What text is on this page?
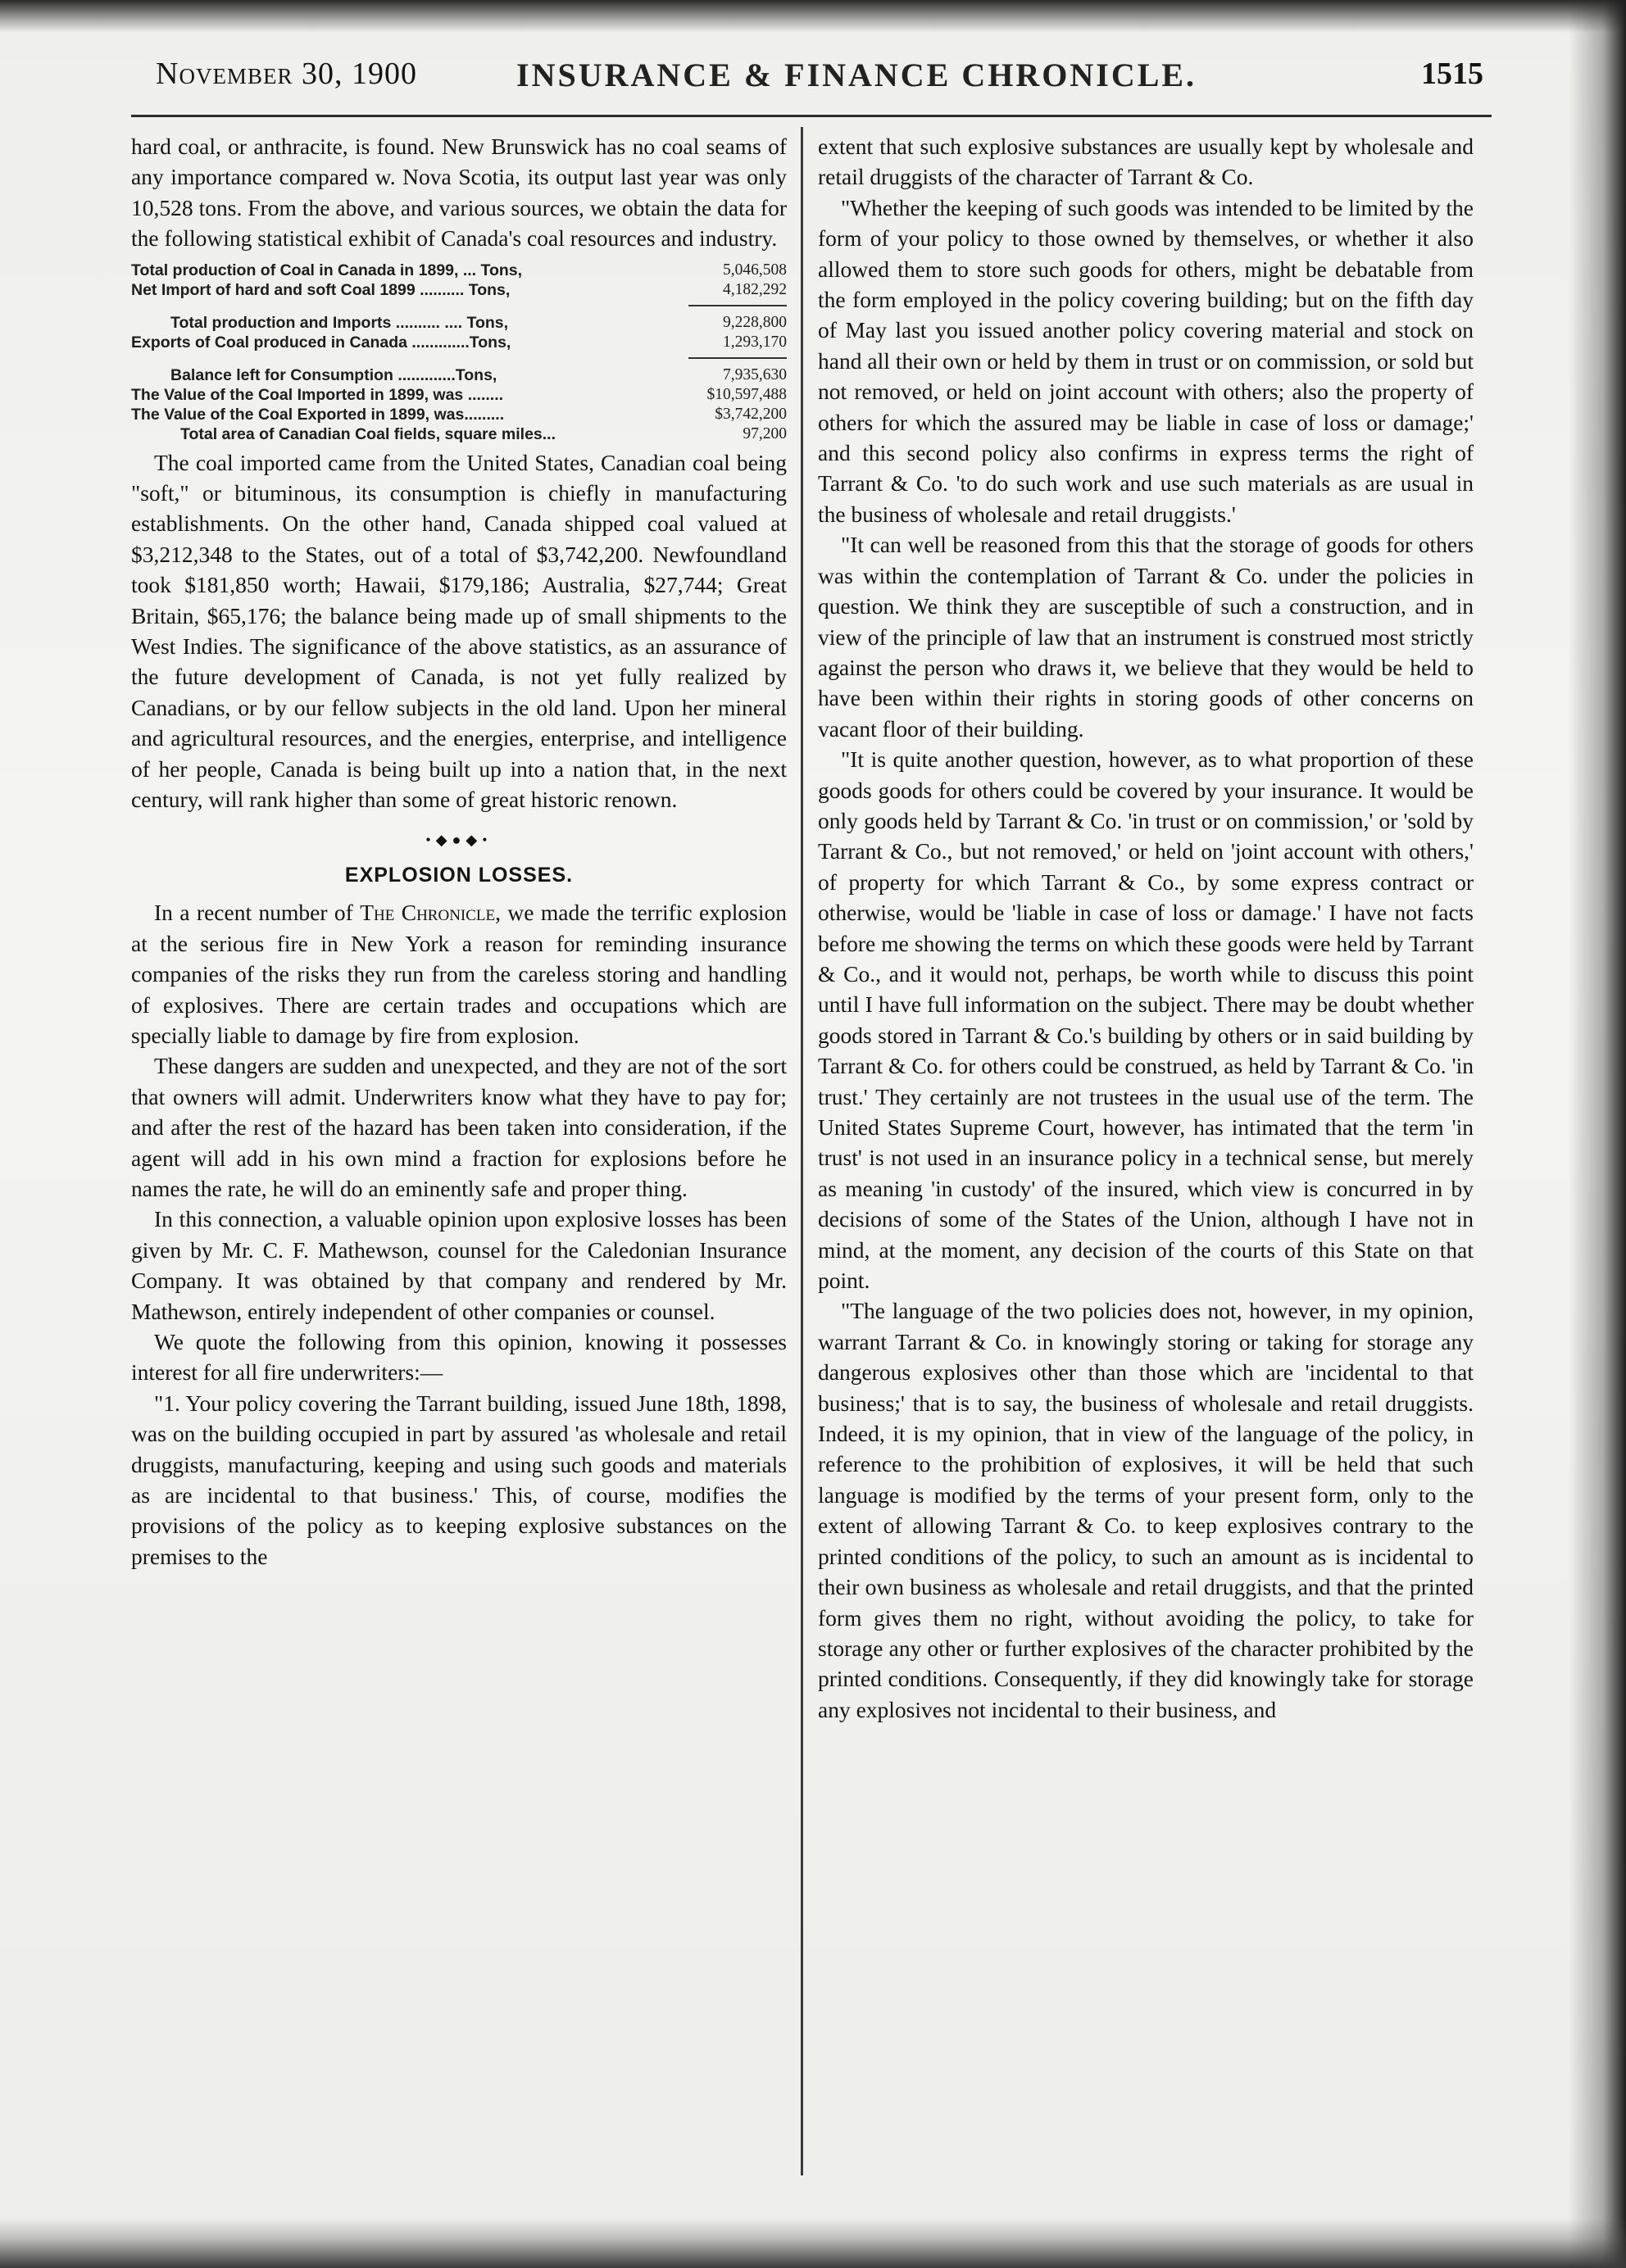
November 30, 1900	INSURANCE & FINANCE CHRONICLE.	1515

hard coal, or anthracite, is found. New Brunswick has no coal seams of any importance compared w. Nova Scotia, its output last year was only 10,528 tons. From the above, and various sources, we obtain the data for the following statistical exhibit of Canada's coal resources and industry.

Total production of Coal in Canada in 1899, ... Tons,	5,046,508
Net Import of hard and soft Coal 1899 .......... Tons,	4,182,292
Total production and Imports .......... .... Tons,	9,228,800
Exports of Coal produced in Canada .............Tons,	1,293,170
Balance left for Consumption .............Tons,	7,935,630
The Value of the Coal Imported in 1899, was ........	$10,597,488
The Value of the Coal Exported in 1899, was.........	$3,742,200
Total area of Canadian Coal fields, square miles...	97,200

The coal imported came from the United States, Canadian coal being "soft," or bituminous, its consumption is chiefly in manufacturing establishments. On the other hand, Canada shipped coal valued at $3,212,348 to the States, out of a total of $3,742,200. Newfoundland took $181,850 worth; Hawaii, $179,186; Australia, $27,744; Great Britain, $65,176; the balance being made up of small shipments to the West Indies. The significance of the above statistics, as an assurance of the future development of Canada, is not yet fully realized by Canadians, or by our fellow subjects in the old land. Upon her mineral and agricultural resources, and the energies, enterprise, and intelligence of her people, Canada is being built up into a nation that, in the next century, will rank higher than some of great historic renown.

•◆●◆•
EXPLOSION LOSSES.

In a recent number of The Chronicle, we made the terrific explosion at the serious fire in New York a reason for reminding insurance companies of the risks they run from the careless storing and handling of explosives. There are certain trades and occupations which are specially liable to damage by fire from explosion.

These dangers are sudden and unexpected, and they are not of the sort that owners will admit. Underwriters know what they have to pay for; and after the rest of the hazard has been taken into consideration, if the agent will add in his own mind a fraction for explosions before he names the rate, he will do an eminently safe and proper thing.

In this connection, a valuable opinion upon explosive losses has been given by Mr. C. F. Mathewson, counsel for the Caledonian Insurance Company. It was obtained by that company and rendered by Mr. Mathewson, entirely independent of other companies or counsel.

We quote the following from this opinion, knowing it possesses interest for all fire underwriters:—

"1. Your policy covering the Tarrant building, issued June 18th, 1898, was on the building occupied in part by assured 'as wholesale and retail druggists, manufacturing, keeping and using such goods and materials as are incidental to that business.' This, of course, modifies the provisions of the policy as to keeping explosive substances on the premises to the

extent that such explosive substances are usually kept by wholesale and retail druggists of the character of Tarrant & Co.

"Whether the keeping of such goods was intended to be limited by the form of your policy to those owned by themselves, or whether it also allowed them to store such goods for others, might be debatable from the form employed in the policy covering building; but on the fifth day of May last you issued another policy covering material and stock on hand all their own or held by them in trust or on commission, or sold but not removed, or held on joint account with others; also the property of others for which the assured may be liable in case of loss or damage;' and this second policy also confirms in express terms the right of Tarrant & Co. 'to do such work and use such materials as are usual in the business of wholesale and retail druggists.'

"It can well be reasoned from this that the storage of goods for others was within the contemplation of Tarrant & Co. under the policies in question. We think they are susceptible of such a construction, and in view of the principle of law that an instrument is construed most strictly against the person who draws it, we believe that they would be held to have been within their rights in storing goods of other concerns on vacant floor of their building.

"It is quite another question, however, as to what proportion of these goods goods for others could be covered by your insurance. It would be only goods held by Tarrant & Co. 'in trust or on commission,' or 'sold by Tarrant & Co., but not removed,' or held on 'joint account with others,' of property for which Tarrant & Co., by some express contract or otherwise, would be 'liable in case of loss or damage.' I have not facts before me showing the terms on which these goods were held by Tarrant & Co., and it would not, perhaps, be worth while to discuss this point until I have full information on the subject. There may be doubt whether goods stored in Tarrant & Co.'s building by others or in said building by Tarrant & Co. for others could be construed, as held by Tarrant & Co. 'in trust.' They certainly are not trustees in the usual use of the term. The United States Supreme Court, however, has intimated that the term 'in trust' is not used in an insurance policy in a technical sense, but merely as meaning 'in custody' of the insured, which view is concurred in by decisions of some of the States of the Union, although I have not in mind, at the moment, any decision of the courts of this State on that point.

"The language of the two policies does not, however, in my opinion, warrant Tarrant & Co. in knowingly storing or taking for storage any dangerous explosives other than those which are 'incidental to that business;' that is to say, the business of wholesale and retail druggists. Indeed, it is my opinion, that in view of the language of the policy, in reference to the prohibition of explosives, it will be held that such language is modified by the terms of your present form, only to the extent of allowing Tarrant & Co. to keep explosives contrary to the printed conditions of the policy, to such an amount as is incidental to their own business as wholesale and retail druggists, and that the printed form gives them no right, without avoiding the policy, to take for storage any other or further explosives of the character prohibited by the printed conditions. Consequently, if they did knowingly take for storage any explosives not incidental to their business, and
